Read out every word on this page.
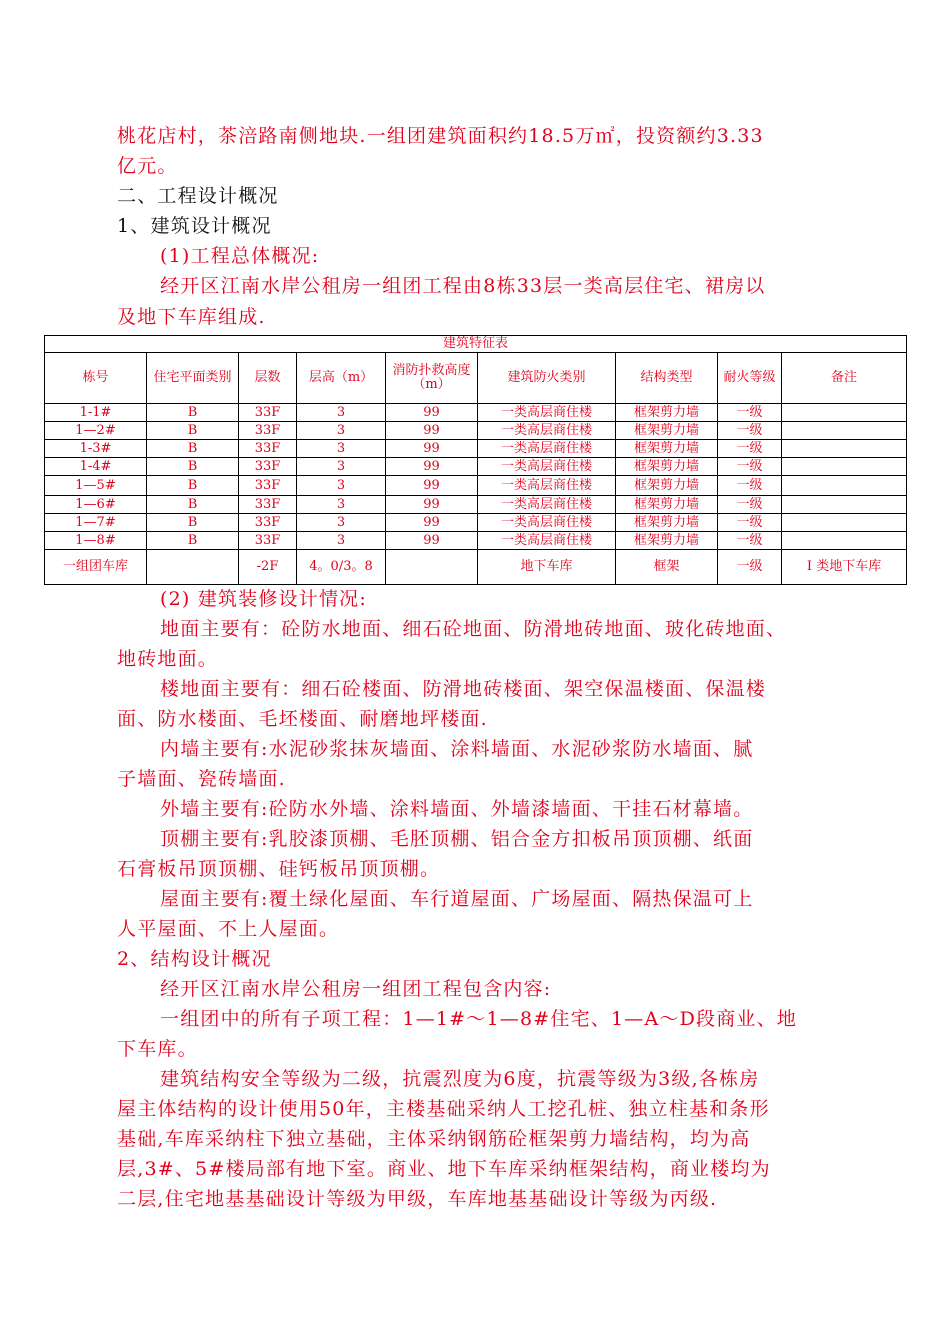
桃花店村，茶涪路南侧地块.一组团建筑面积约18.5万㎡，投资额约3.33

亿元。

二、工程设计概况

1、建筑设计概况

(1)工程总体概况:

经开区江南水岸公租房一组团工程由8栋33层一类高层住宅、裙房以

及地下车库组成.

建筑特征表								
栋号	住宅平面类别	层数	层高（m）	消防扑救高度（m）	建筑防火类别	结构类型	耐火等级	备注
1-1#	B	33F	3	99	一类高层商住楼	框架剪力墙	一级	
1—2#	B	33F	3	99	一类高层商住楼	框架剪力墙	一级	
1-3#	B	33F	3	99	一类高层商住楼	框架剪力墙	一级	
1-4#	B	33F	3	99	一类高层商住楼	框架剪力墙	一级	
1—5#	B	33F	3	99	一类高层商住楼	框架剪力墙	一级	
1—6#	B	33F	3	99	一类高层商住楼	框架剪力墙	一级	
1—7#	B	33F	3	99	一类高层商住楼	框架剪力墙	一级	
1—8#	B	33F	3	99	一类高层商住楼	框架剪力墙	一级	
一组团车库		-2F	4。0/3。8		地下车库	框架	一级	Ⅰ 类地下车库

(2) 建筑装修设计情况:

地面主要有：砼防水地面、细石砼地面、防滑地砖地面、玻化砖地面、

地砖地面。

楼地面主要有：细石砼楼面、防滑地砖楼面、架空保温楼面、保温楼

面、防水楼面、毛坯楼面、耐磨地坪楼面.

内墙主要有:水泥砂浆抹灰墙面、涂料墙面、水泥砂浆防水墙面、腻

子墙面、瓷砖墙面.

外墙主要有:砼防水外墙、涂料墙面、外墙漆墙面、干挂石材幕墙。

顶棚主要有:乳胶漆顶棚、毛胚顶棚、铝合金方扣板吊顶顶棚、纸面

石膏板吊顶顶棚、硅钙板吊顶顶棚。

屋面主要有:覆土绿化屋面、车行道屋面、广场屋面、隔热保温可上

人平屋面、不上人屋面。

2、结构设计概况

经开区江南水岸公租房一组团工程包含内容:

一组团中的所有子项工程：1—1#～1—8#住宅、1—A～D段商业、地

下车库。

建筑结构安全等级为二级，抗震烈度为6度，抗震等级为3级,各栋房

屋主体结构的设计使用50年，主楼基础采纳人工挖孔桩、独立柱基和条形

基础,车库采纳柱下独立基础，主体采纳钢筋砼框架剪力墙结构，均为高

层,3#、5#楼局部有地下室。商业、地下车库采纳框架结构，商业楼均为

二层,住宅地基基础设计等级为甲级，车库地基基础设计等级为丙级.
